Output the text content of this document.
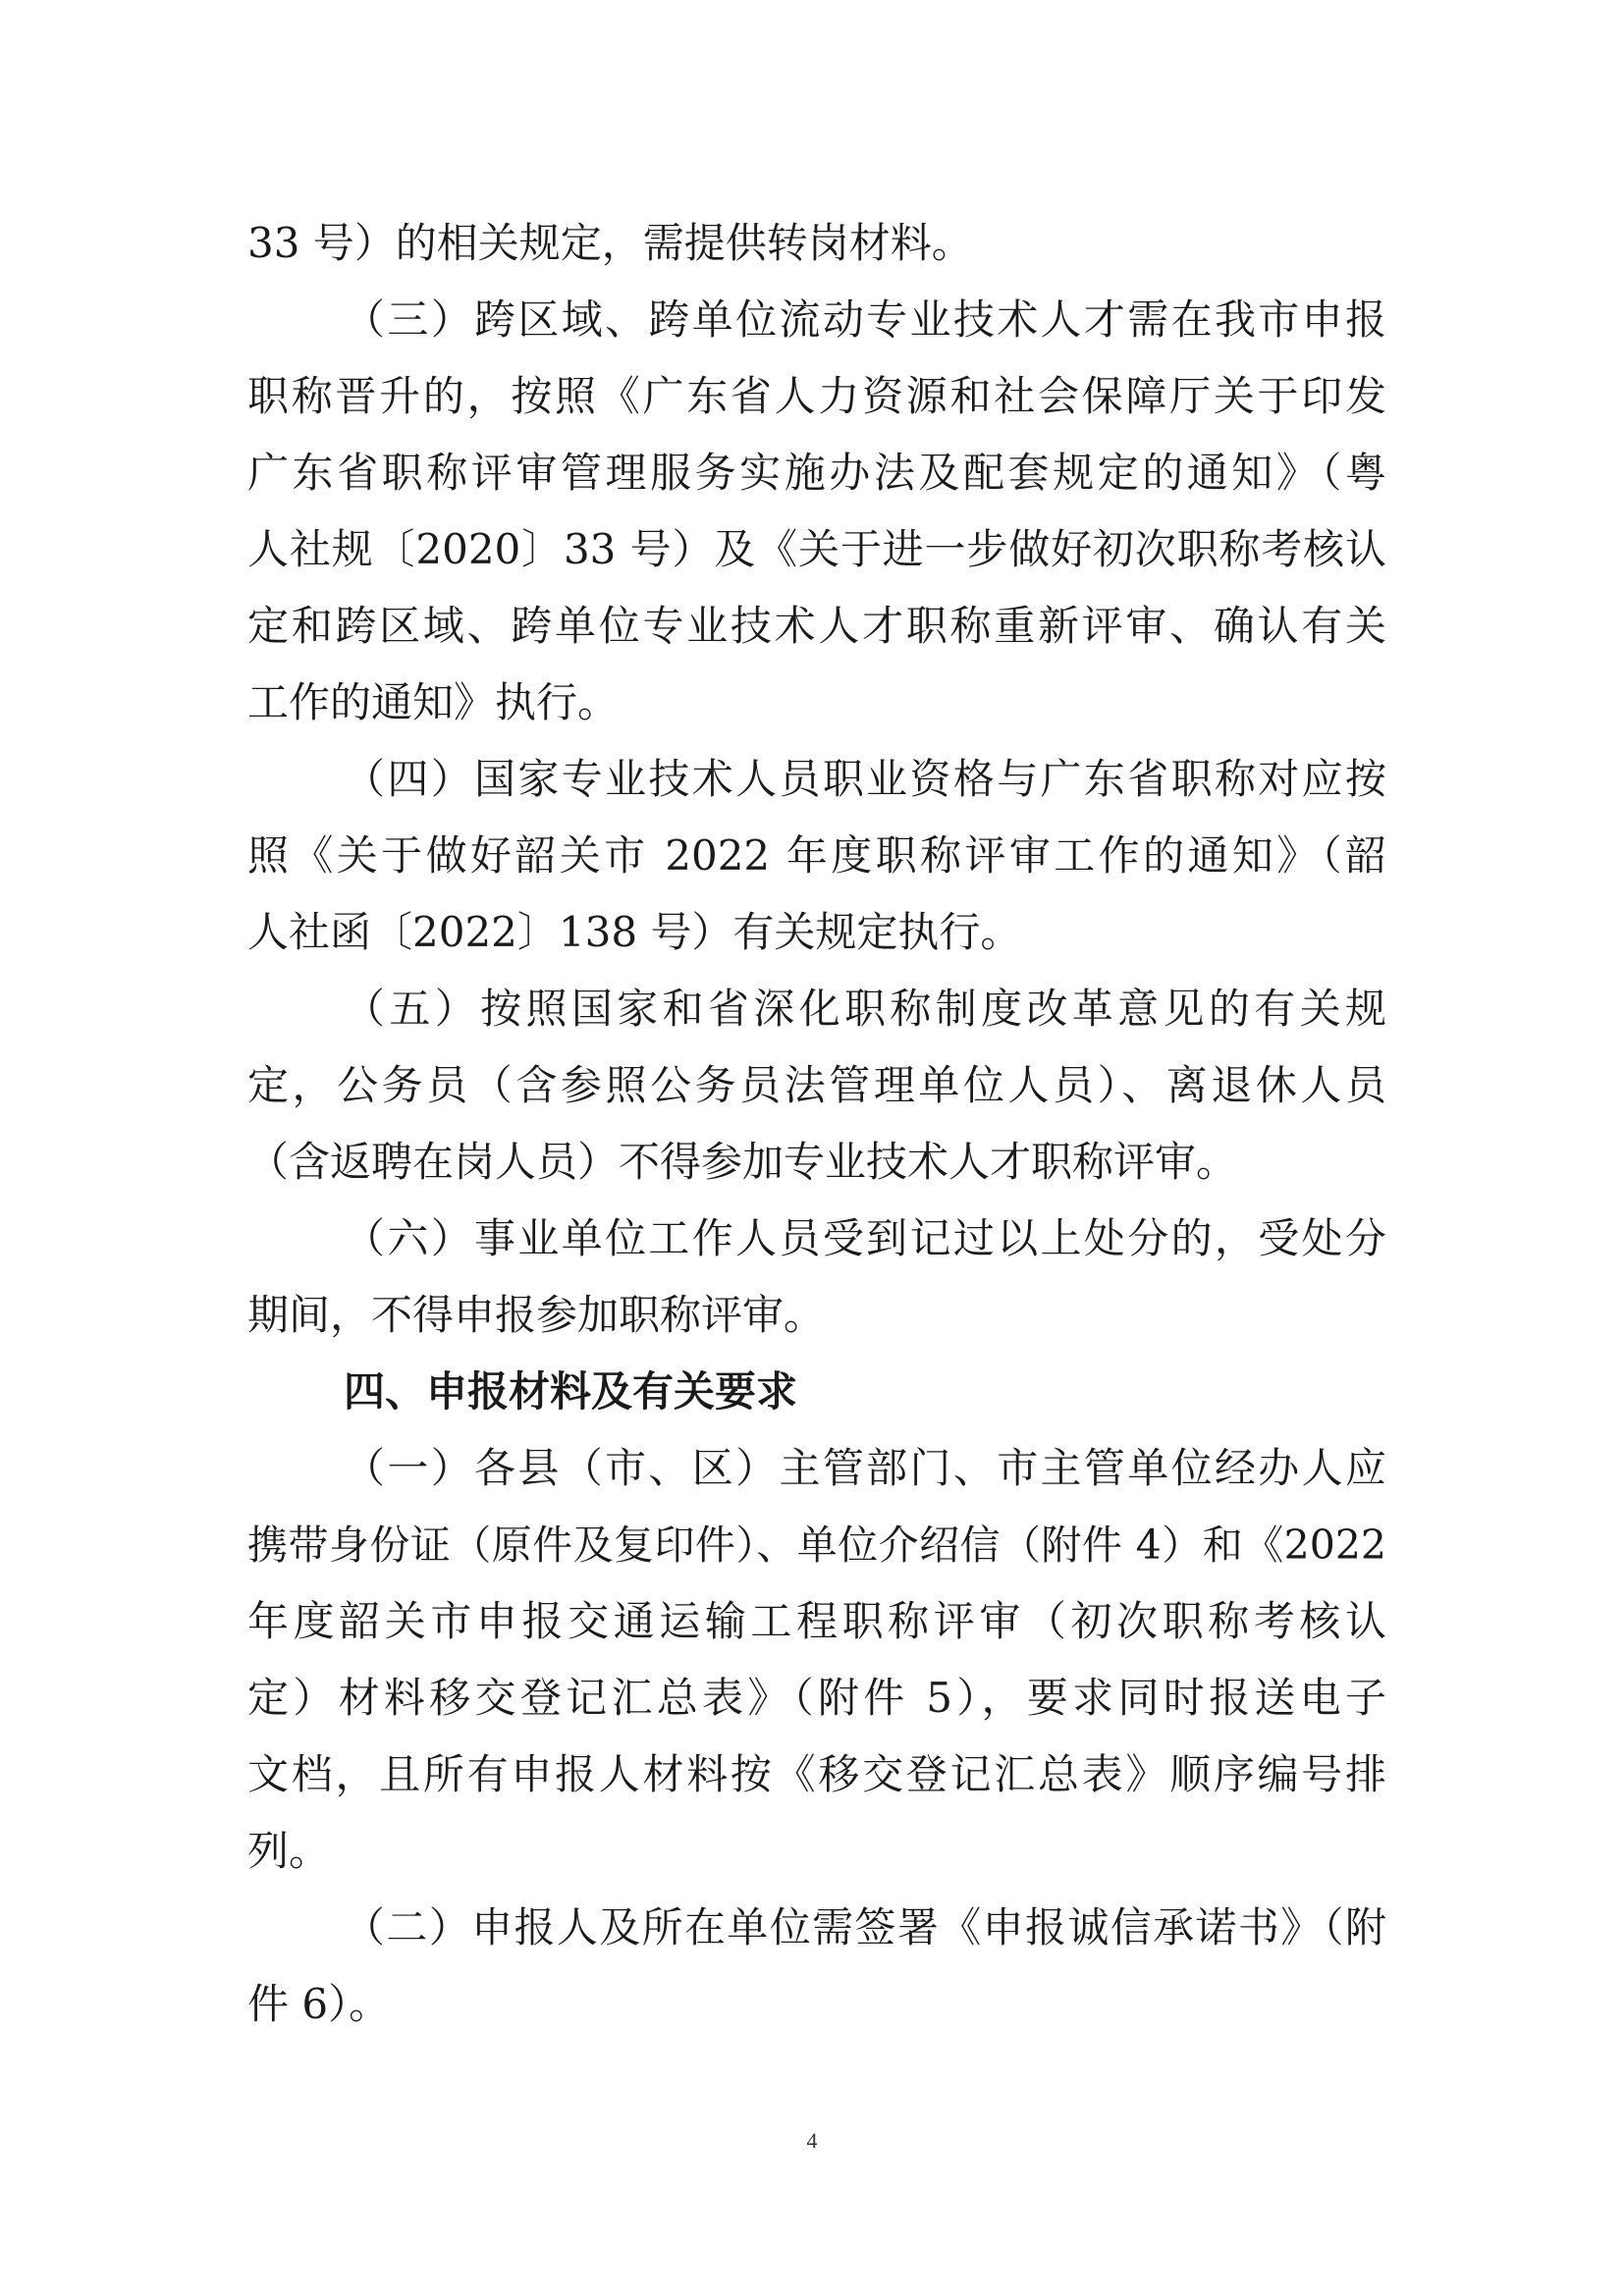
33 号）的相关规定，需提供转岗材料。
（三）跨区域、跨单位流动专业技术人才需在我市申报
职称晋升的，按照《广东省人力资源和社会保障厅关于印发
广东省职称评审管理服务实施办法及配套规定的通知》（粤
人社规〔2020〕33 号）及《关于进一步做好初次职称考核认
定和跨区域、跨单位专业技术人才职称重新评审、确认有关
工作的通知》执行。
（四）国家专业技术人员职业资格与广东省职称对应按
照《关于做好韶关市 2022 年度职称评审工作的通知》（韶
人社函〔2022〕138 号）有关规定执行。
（五）按照国家和省深化职称制度改革意见的有关规
定，公务员（含参照公务员法管理单位人员）、离退休人员
（含返聘在岗人员）不得参加专业技术人才职称评审。
（六）事业单位工作人员受到记过以上处分的，受处分
期间，不得申报参加职称评审。
四、申报材料及有关要求
（一）各县（市、区）主管部门、市主管单位经办人应
携带身份证（原件及复印件）、单位介绍信（附件 4）和《2022
年度韶关市申报交通运输工程职称评审（初次职称考核认
定）材料移交登记汇总表》（附件 5），要求同时报送电子
文档，且所有申报人材料按《移交登记汇总表》顺序编号排
列。
（二）申报人及所在单位需签署《申报诚信承诺书》（附
件 6）。
4
